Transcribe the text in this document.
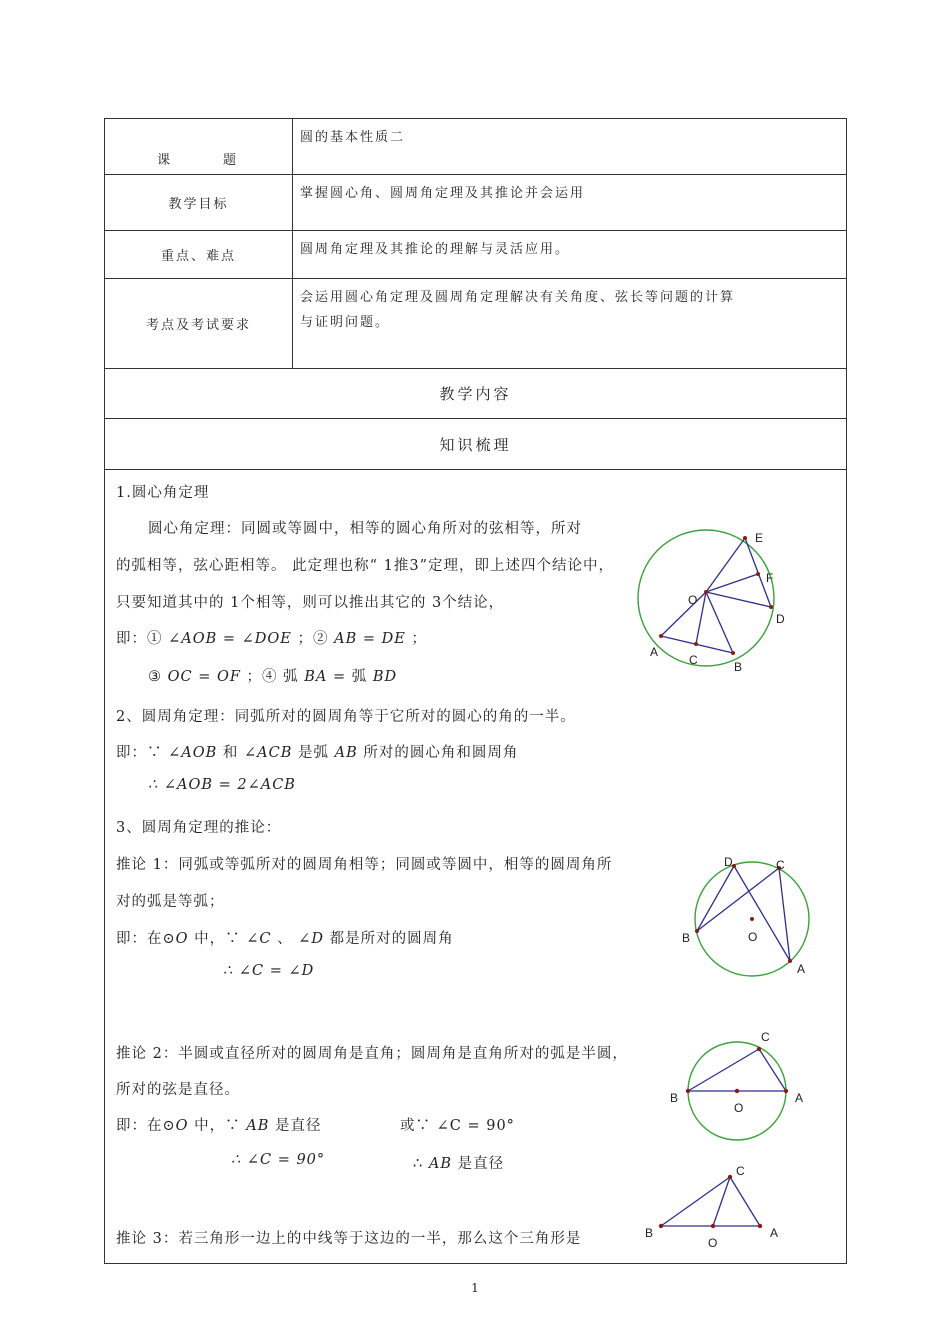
课 题	圆的基本性质二
教学目标	掌握圆心角、圆周角定理及其推论并会运用
重点、难点	圆周角定理及其推论的理解与灵活应用。
考点及考试要求	会运用圆心角定理及圆周角定理解决有关角度、弦长等问题的计算
与证明问题。

教学内容	
知识梳理	
1.圆心角定理
圆心角定理：同圆或等圆中，相等的圆心角所对的弦相等，所对
的弧相等，弦心距相等。 此定理也称“ 1推3”定理，即上述四个结论中，
只要知道其中的 1个相等，则可以推出其它的 3个结论，
即：① ∠AOB = ∠DOE ；② AB = DE ；
③ OC = OF ；④ 弧 BA = 弧 BD
2、圆周角定理：同弧所对的圆周角等于它所对的圆心的角的一半。
即：∵ ∠AOB 和 ∠ACB 是弧 AB 所对的圆心角和圆周角
∴ ∠AOB = 2∠ACB
3、圆周角定理的推论：
推论 1：同弧或等弧所对的圆周角相等；同圆或等圆中，相等的圆周角所
对的弧是等弧；
即：在⊙O 中，∵ ∠C 、 ∠D 都是所对的圆周角
∴ ∠C = ∠D
推论 2：半圆或直径所对的圆周角是直角；圆周角是直角所对的弧是半圆，
所对的弦是直径。
即：在⊙O 中，∵ AB 是直径	或∵ ∠C = 90°
∴ ∠C = 90°	∴ AB 是直径
推论 3：若三角形一边上的中线等于这边的一半，那么这个三角形是
E
F
O
D
A
C	B
D	C
B	O
A
C
B
O
A
C
B
O
A
1
